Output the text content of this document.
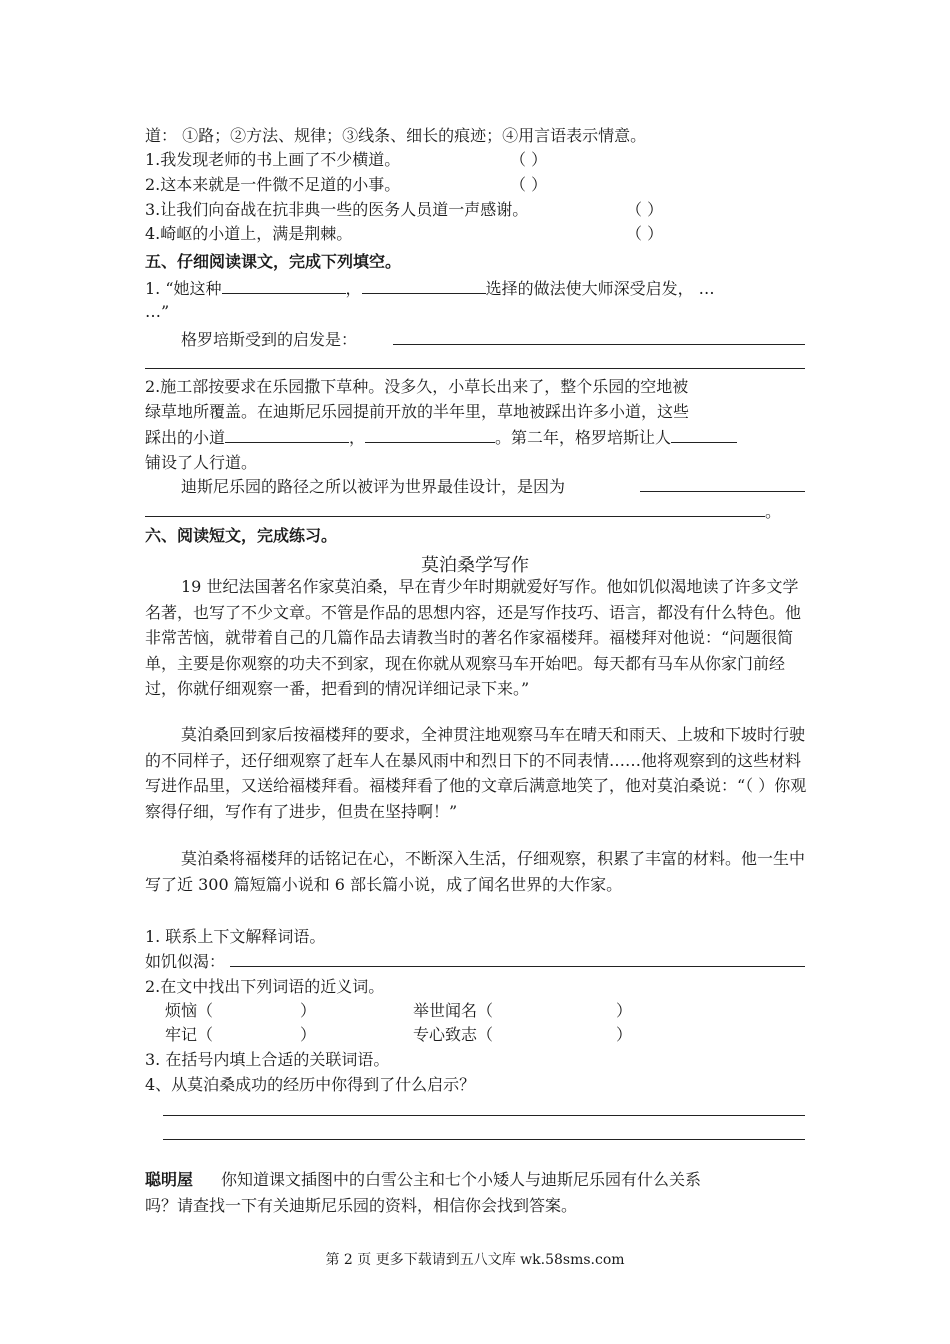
道： ①路；②方法、规律；③线条、细长的痕迹；④用言语表示情意。
1.我发现老师的书上画了不少横道。	（ ）
2.这本来就是一件微不足道的小事。	（ ）
3.让我们向奋战在抗非典一些的医务人员道一声感谢。	（ ）
4.崎岖的小道上，满是荆棘。	（ ）
五、仔细阅读课文，完成下列填空。
1. “她这种	，	选择的做法使大师深受启发， …
…”
格罗培斯受到的启发是：
2.施工部按要求在乐园撒下草种。没多久，小草长出来了，整个乐园的空地被
绿草地所覆盖。在迪斯尼乐园提前开放的半年里，草地被踩出许多小道，这些
踩出的小道	，	。第二年，格罗培斯让人
铺设了人行道。
迪斯尼乐园的路径之所以被评为世界最佳设计，是因为
。
六、阅读短文，完成练习。
莫泊桑学写作
19 世纪法国著名作家莫泊桑，早在青少年时期就爱好写作。他如饥似渴地读了许多文学名著，也写了不少文章。不管是作品的思想内容，还是写作技巧、语言，都没有什么特色。他非常苦恼，就带着自己的几篇作品去请教当时的著名作家福楼拜。福楼拜对他说：“问题很简单，主要是你观察的功夫不到家，现在你就从观察马车开始吧。每天都有马车从你家门前经过，你就仔细观察一番，把看到的情况详细记录下来。”
莫泊桑回到家后按福楼拜的要求，全神贯注地观察马车在晴天和雨天、上坡和下坡时行驶的不同样子，还仔细观察了赶车人在暴风雨中和烈日下的不同表情……他将观察到的这些材料写进作品里，又送给福楼拜看。福楼拜看了他的文章后满意地笑了，他对莫泊桑说：“（ ）你观察得仔细，写作有了进步，但贵在坚持啊！”
莫泊桑将福楼拜的话铭记在心，不断深入生活，仔细观察，积累了丰富的材料。他一生中写了近 300 篇短篇小说和 6 部长篇小说，成了闻名世界的大作家。
1. 联系上下文解释词语。
如饥似渴：
2.在文中找出下列词语的近义词。
烦恼（	）	举世闻名（	）
牢记（	）	专心致志（	）
3. 在括号内填上合适的关联词语。
4、从莫泊桑成功的经历中你得到了什么启示？
聪明屋 你知道课文插图中的白雪公主和七个小矮人与迪斯尼乐园有什么关系
吗？请查找一下有关迪斯尼乐园的资料，相信你会找到答案。
第 2 页 更多下载请到五八文库 wk.58sms.com
